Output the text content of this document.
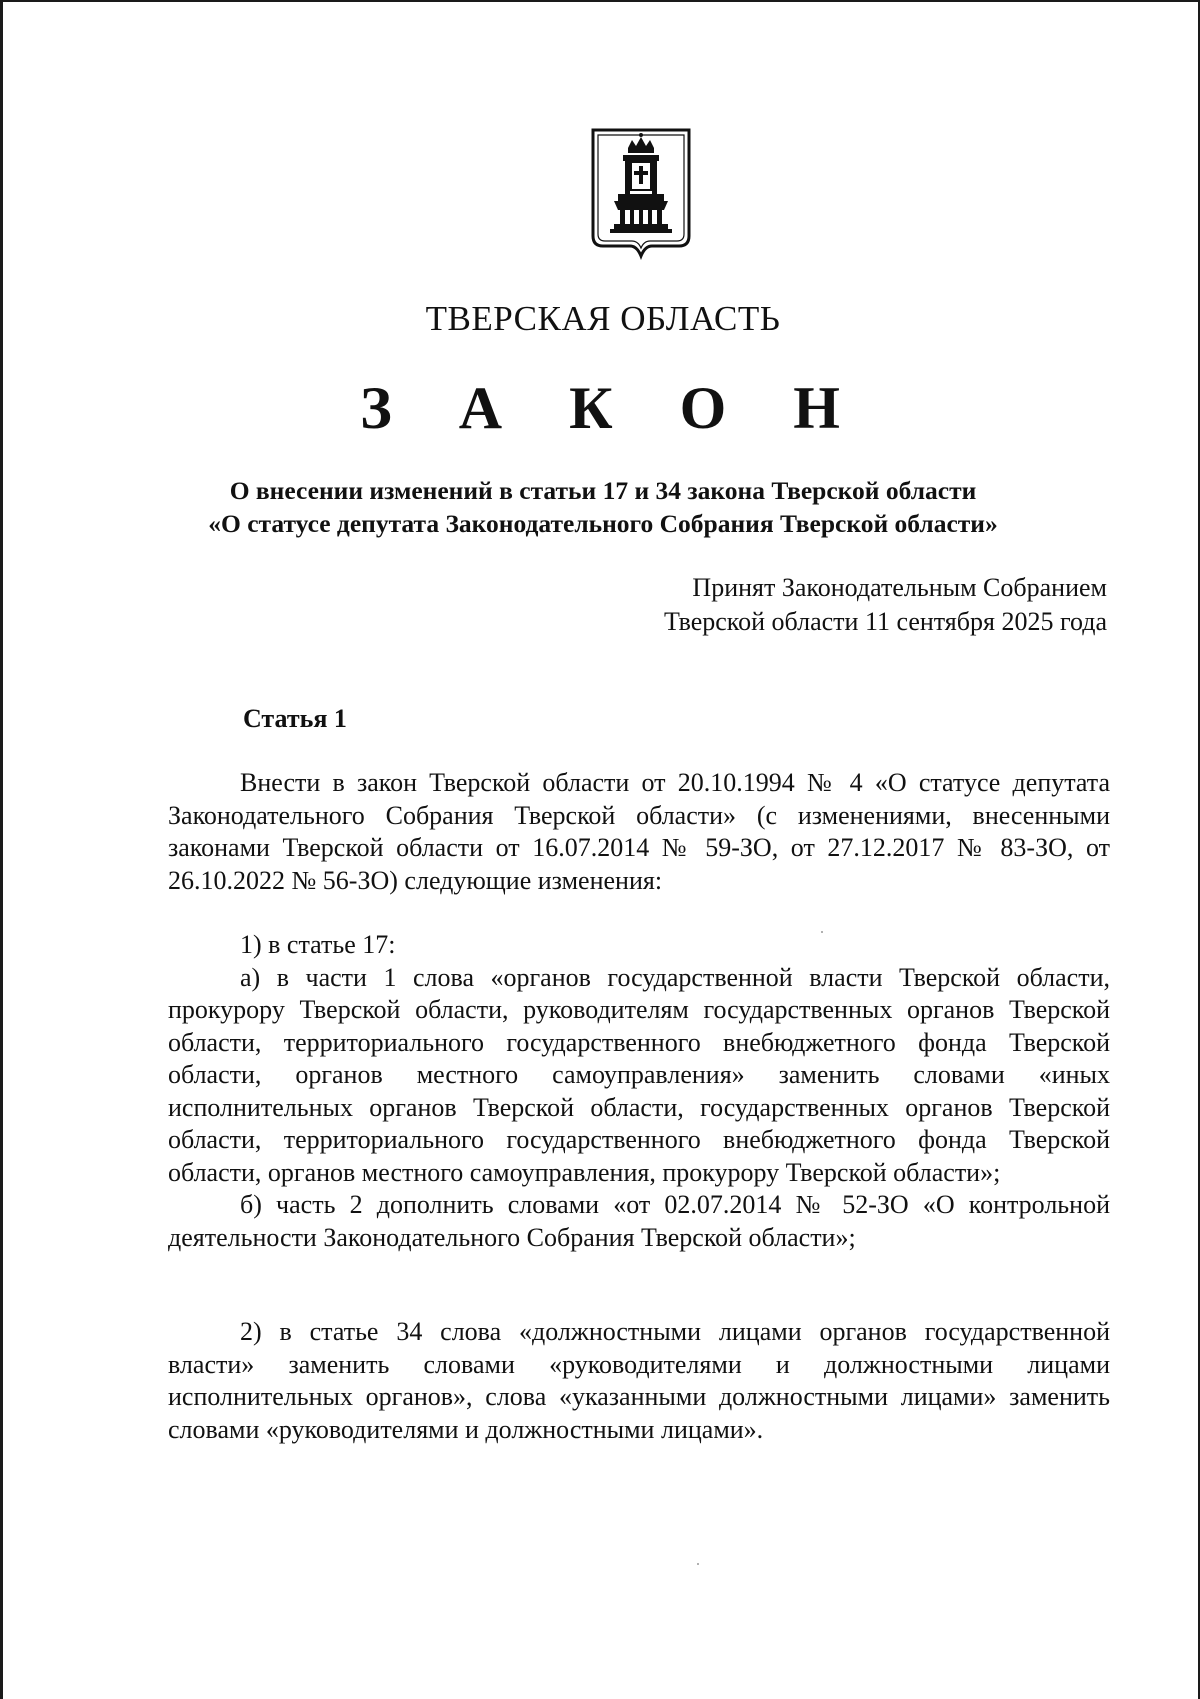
ТВЕРСКАЯ ОБЛАСТЬ
З А К О Н
О внесении изменений в статьи 17 и 34 закона Тверской области
«О статусе депутата Законодательного Собрания Тверской области»
Принят Законодательным Собранием
Тверской области 11 сентября 2025 года
Статья 1

Внести в закон Тверской области от 20.10.1994 № 4 «О статусе депутата Законодательного Собрания Тверской области» (с изменениями, внесенными законами Тверской области от 16.07.2014 № 59-ЗО, от 27.12.2017 № 83-ЗО, от 26.10.2022 № 56-ЗО) следующие изменения:

1) в статье 17:

а) в части 1 слова «органов государственной власти Тверской области, прокурору Тверской области, руководителям государственных органов Тверской области, территориального государственного внебюджетного фонда Тверской области, органов местного самоуправления» заменить словами «иных исполнительных органов Тверской области, государственных органов Тверской области, территориального государственного внебюджетного фонда Тверской области, органов местного самоуправления, прокурору Тверской области»;

б) часть 2 дополнить словами «от 02.07.2014 № 52-ЗО «О контрольной деятельности Законодательного Собрания Тверской области»;

2) в статье 34 слова «должностными лицами органов государственной власти» заменить словами «руководителями и должностными лицами исполнительных органов», слова «указанными должностными лицами» заменить словами «руководителями и должностными лицами».
